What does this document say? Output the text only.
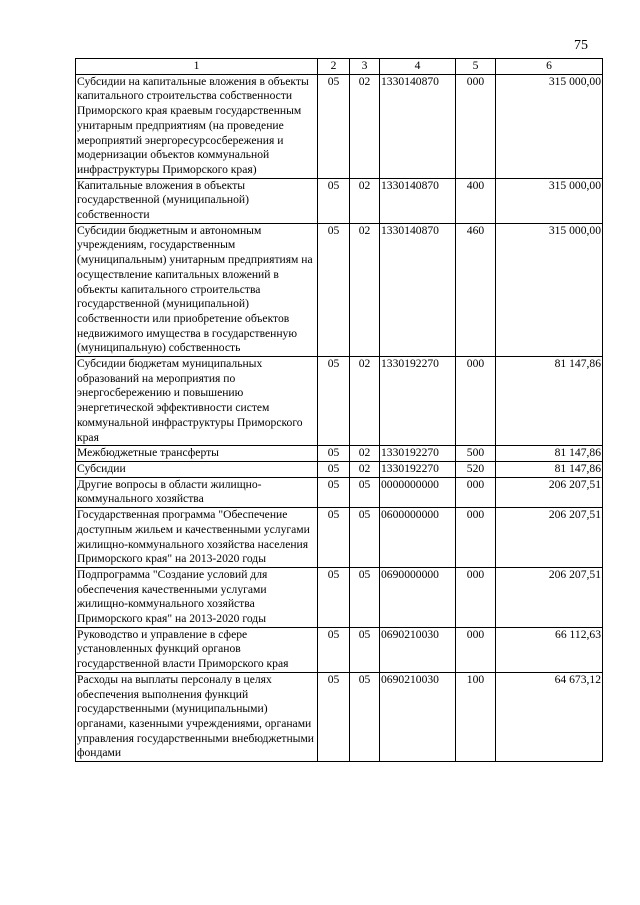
75
1	2	3	4	5	6
Субсидии на капитальные вложения в объекты капитального строительства собственности Приморского края краевым государственным унитарным предприятиям (на проведение мероприятий энергоресурсосбережения и модернизации объектов коммунальной инфраструктуры Приморского края)	05	02	1330140870	000	315 000,00
Капитальные вложения в объекты государственной (муниципальной) собственности	05	02	1330140870	400	315 000,00
Субсидии бюджетным и автономным учреждениям, государственным (муниципальным) унитарным предприятиям на осуществление капитальных вложений в объекты капитального строительства государственной (муниципальной) собственности или приобретение объектов недвижимого имущества в государственную (муниципальную) собственность	05	02	1330140870	460	315 000,00
Субсидии бюджетам муниципальных образований на мероприятия по энергосбережению и повышению энергетической эффективности систем коммунальной инфраструктуры Приморского края	05	02	1330192270	000	81 147,86
Межбюджетные трансферты	05	02	1330192270	500	81 147,86
Субсидии	05	02	1330192270	520	81 147,86
Другие вопросы в области жилищно-коммунального хозяйства	05	05	0000000000	000	206 207,51
Государственная программа "Обеспечение доступным жильем и качественными услугами жилищно-коммунального хозяйства населения Приморского края" на 2013-2020 годы	05	05	0600000000	000	206 207,51
Подпрограмма "Создание условий для обеспечения качественными услугами жилищно-коммунального хозяйства Приморского края" на 2013-2020 годы	05	05	0690000000	000	206 207,51
Руководство и управление в сфере установленных функций органов государственной власти Приморского края	05	05	0690210030	000	66 112,63
Расходы на выплаты персоналу в целях обеспечения выполнения функций государственными (муниципальными) органами, казенными учреждениями, органами управления государственными внебюджетными фондами	05	05	0690210030	100	64 673,12
